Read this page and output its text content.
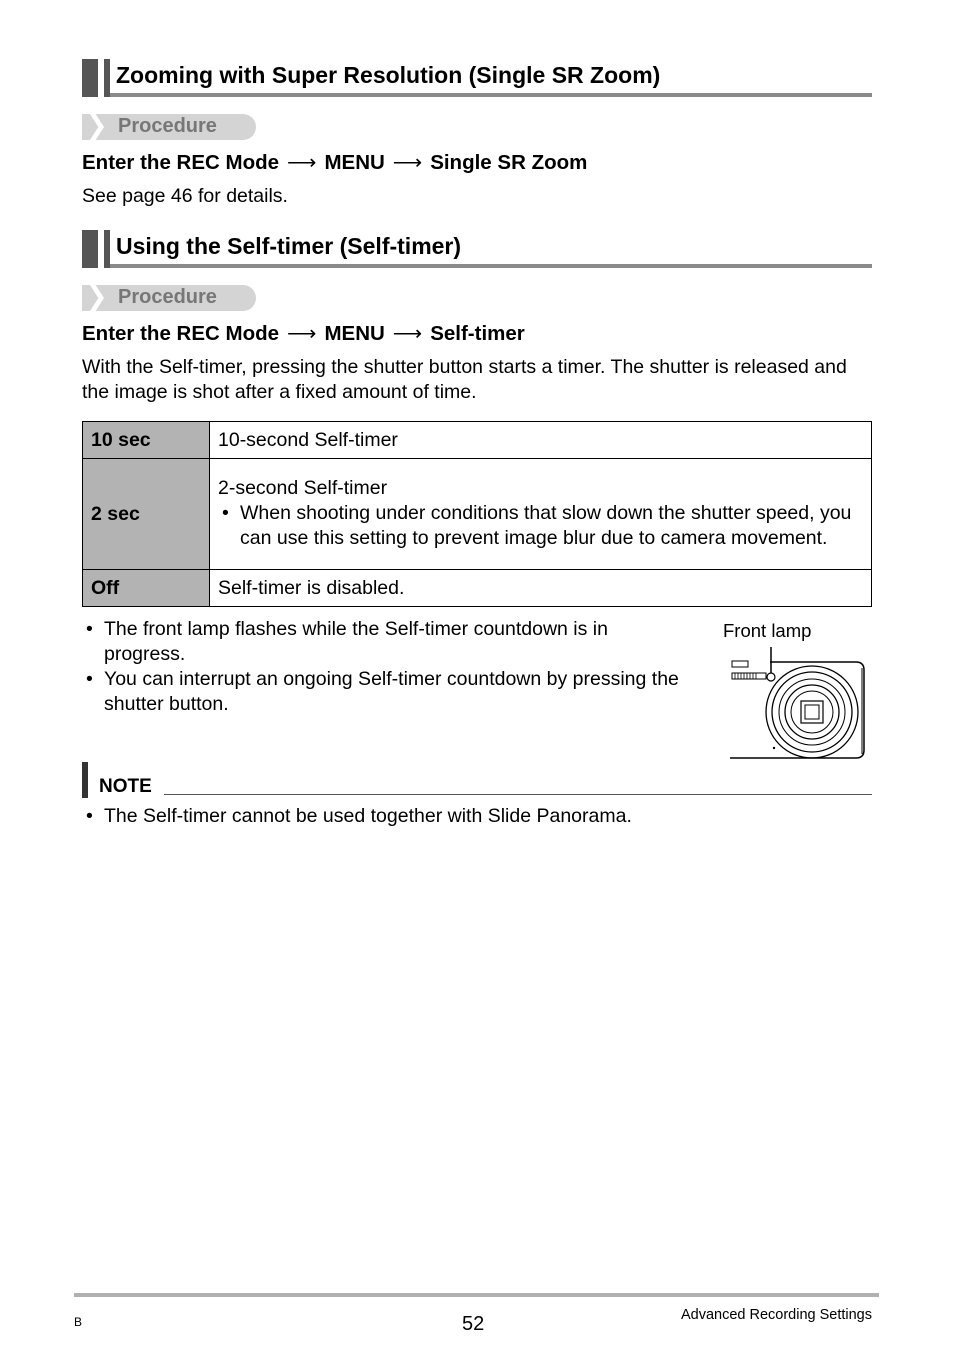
Zooming with Super Resolution (Single SR Zoom)
Procedure
Enter the REC Mode ⟶ MENU ⟶ Single SR Zoom
See page 46 for details.
Using the Self-timer (Self-timer)
Procedure
Enter the REC Mode ⟶ MENU ⟶ Self-timer
With the Self-timer, pressing the shutter button starts a timer. The shutter is released and the image is shot after a fixed amount of time.
10 sec	10-second Self-timer
2 sec	2-second Self-timer
• When shooting under conditions that slow down the shutter speed, you can use this setting to prevent image blur due to camera movement.

Off	Self-timer is disabled.
• The front lamp flashes while the Self-timer countdown is in progress.
• You can interrupt an ongoing Self-timer countdown by pressing the shutter button.
Front lamp
NOTE
• The Self-timer cannot be used together with Slide Panorama.
B	52	Advanced Recording Settings
